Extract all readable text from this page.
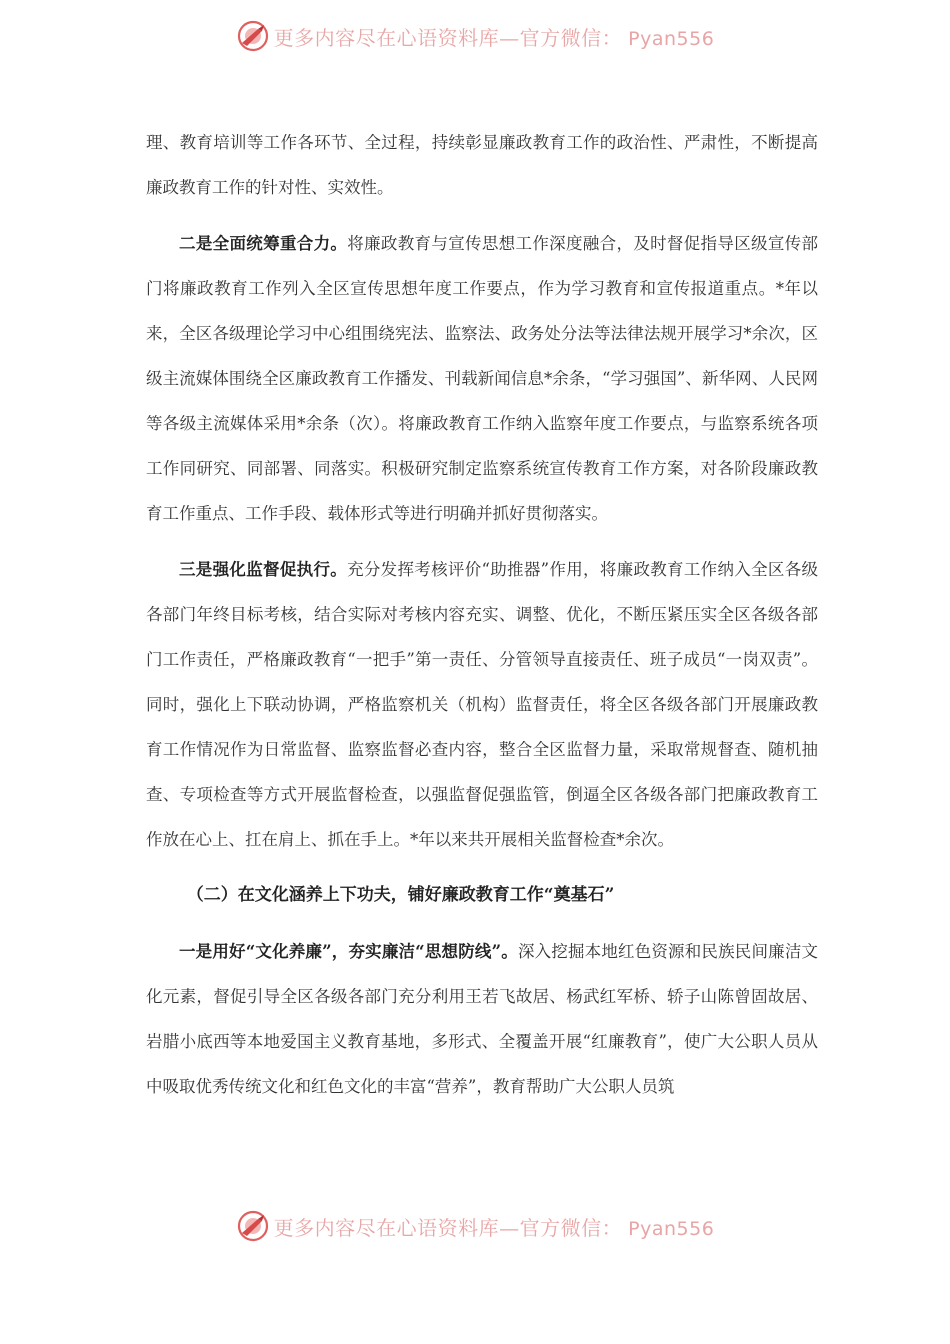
更多内容尽在心语资料库—官方微信： Pyan556

理、教育培训等工作各环节、全过程，持续彰显廉政教育工作的政治性、严肃性，不断提高廉政教育工作的针对性、实效性。

二是全面统筹重合力。将廉政教育与宣传思想工作深度融合，及时督促指导区级宣传部门将廉政教育工作列入全区宣传思想年度工作要点，作为学习教育和宣传报道重点。*年以来，全区各级理论学习中心组围绕宪法、监察法、政务处分法等法律法规开展学习*余次，区级主流媒体围绕全区廉政教育工作播发、刊载新闻信息*余条，“学习强国”、新华网、人民网等各级主流媒体采用*余条（次）。将廉政教育工作纳入监察年度工作要点，与监察系统各项工作同研究、同部署、同落实。积极研究制定监察系统宣传教育工作方案，对各阶段廉政教育工作重点、工作手段、载体形式等进行明确并抓好贯彻落实。

三是强化监督促执行。充分发挥考核评价“助推器”作用，将廉政教育工作纳入全区各级各部门年终目标考核，结合实际对考核内容充实、调整、优化，不断压紧压实全区各级各部门工作责任，严格廉政教育“一把手”第一责任、分管领导直接责任、班子成员“一岗双责”。同时，强化上下联动协调，严格监察机关（机构）监督责任，将全区各级各部门开展廉政教育工作情况作为日常监督、监察监督必查内容，整合全区监督力量，采取常规督查、随机抽查、专项检查等方式开展监督检查，以强监督促强监管，倒逼全区各级各部门把廉政教育工作放在心上、扛在肩上、抓在手上。*年以来共开展相关监督检查*余次。

（二）在文化涵养上下功夫，铺好廉政教育工作“奠基石”

一是用好“文化养廉”，夯实廉洁“思想防线”。深入挖掘本地红色资源和民族民间廉洁文化元素，督促引导全区各级各部门充分利用王若飞故居、杨武红军桥、轿子山陈曾固故居、岩腊小底西等本地爱国主义教育基地，多形式、全覆盖开展“红廉教育”，使广大公职人员从中吸取优秀传统文化和红色文化的丰富“营养”，教育帮助广大公职人员筑

更多内容尽在心语资料库—官方微信： Pyan556
